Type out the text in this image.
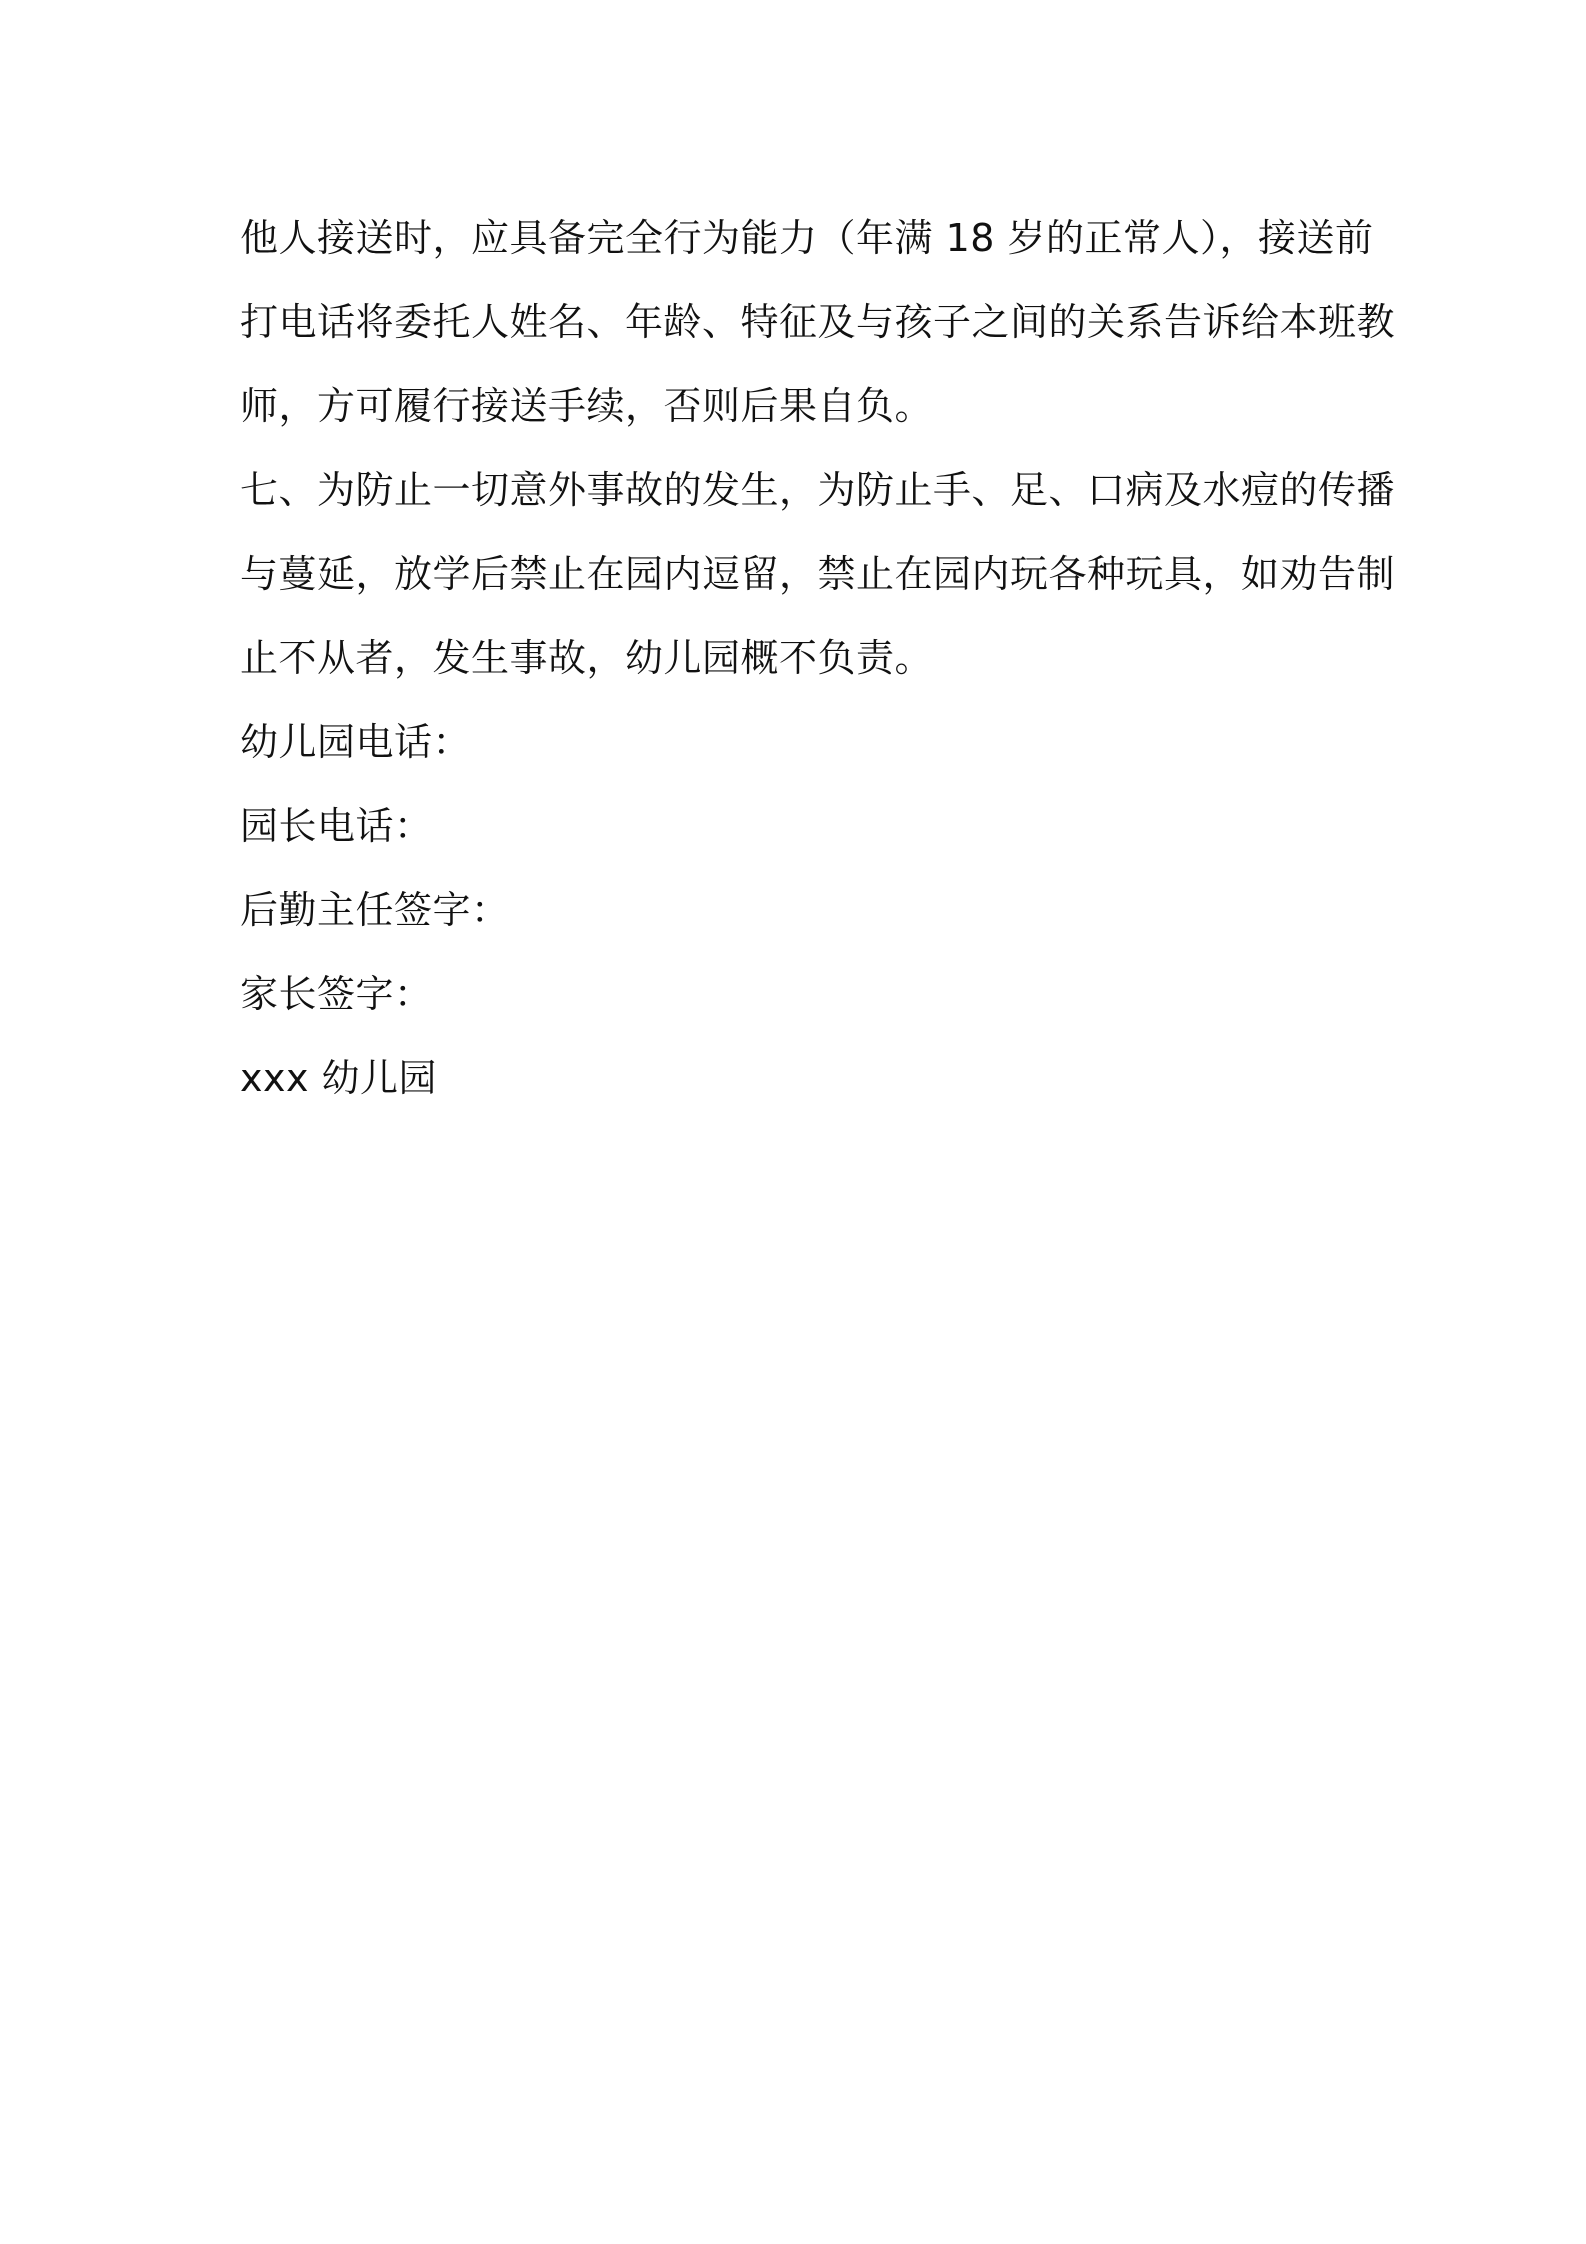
他人接送时，应具备完全行为能力（年满 18 岁的正常人），接送前
打电话将委托人姓名、年龄、特征及与孩子之间的关系告诉给本班教
师，方可履行接送手续，否则后果自负。
七、为防止一切意外事故的发生，为防止手、足、口病及水痘的传播
与蔓延，放学后禁止在园内逗留，禁止在园内玩各种玩具，如劝告制
止不从者，发生事故，幼儿园概不负责。
幼儿园电话：
园长电话：
后勤主任签字：
家长签字：
xxx 幼儿园
